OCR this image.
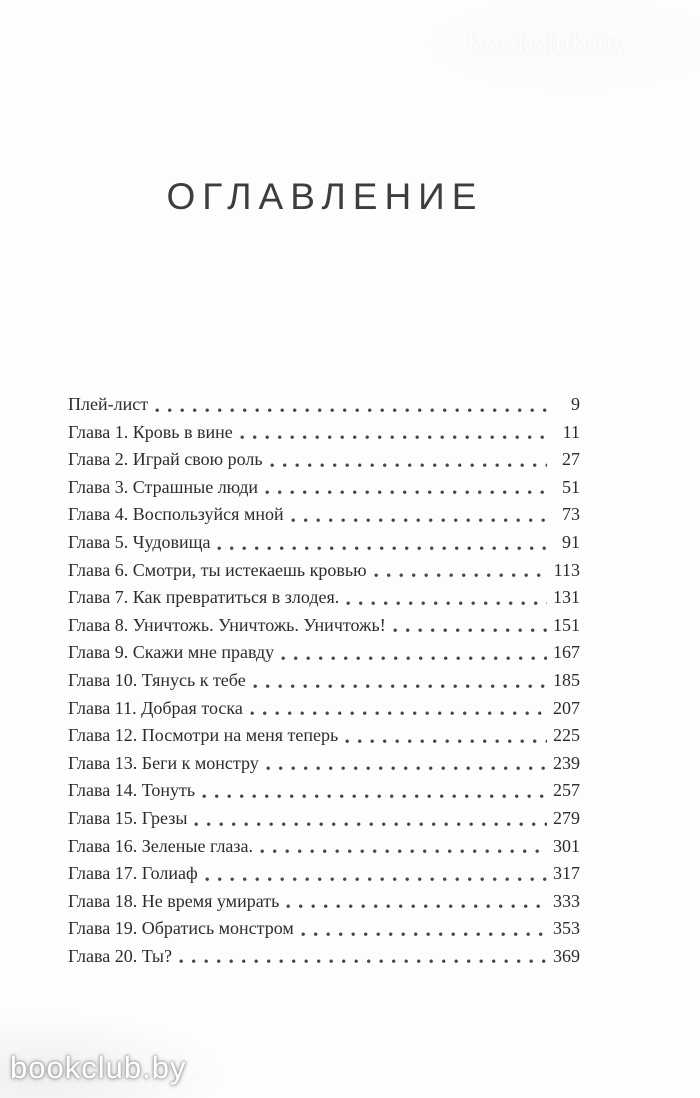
bookclub.by
ОГЛАВЛЕНИЕ
Плей-лист	9
Глава 1. Кровь в вине	11
Глава 2. Играй свою роль	27
Глава 3. Страшные люди	51
Глава 4. Воспользуйся мной	73
Глава 5. Чудовища	91
Глава 6. Смотри, ты истекаешь кровью	113
Глава 7. Как превратиться в злодея.	131
Глава 8. Уничтожь. Уничтожь. Уничтожь!	151
Глава 9. Скажи мне правду	167
Глава 10. Тянусь к тебе	185
Глава 11. Добрая тоска	207
Глава 12. Посмотри на меня теперь	225
Глава 13. Беги к монстру	239
Глава 14. Тонуть	257
Глава 15. Грезы	279
Глава 16. Зеленые глаза.	301
Глава 17. Голиаф	317
Глава 18. Не время умирать	333
Глава 19. Обратись монстром	353
Глава 20. Ты?	369
bookclub.by
